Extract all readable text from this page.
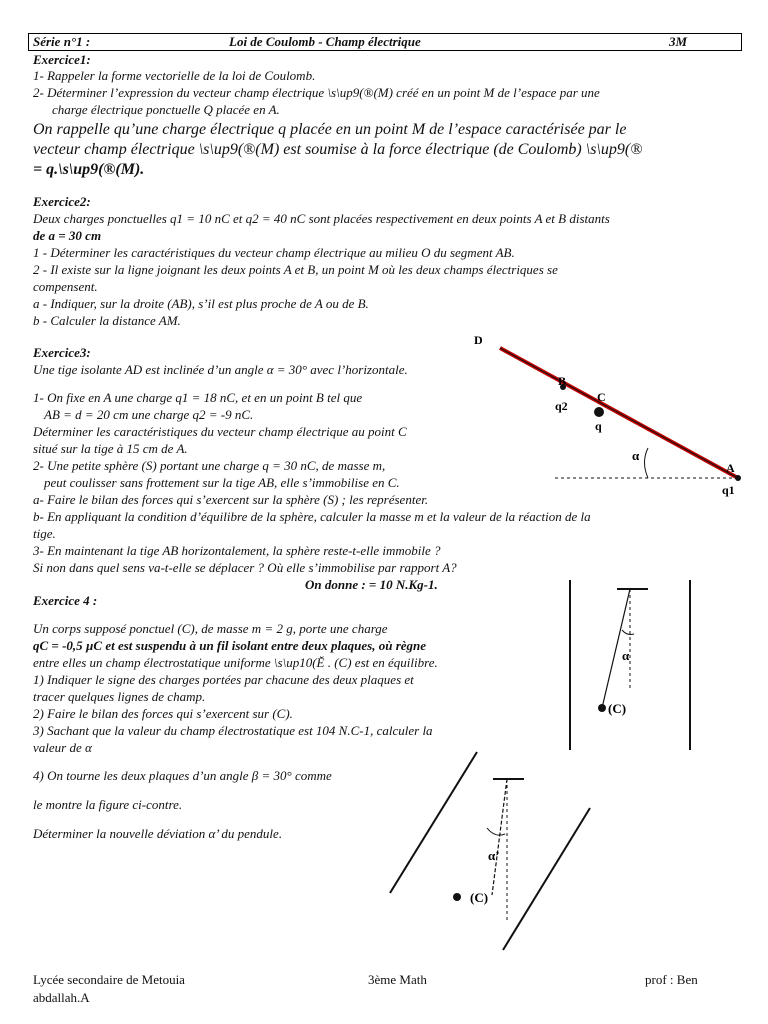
Série n°1 :	Loi de Coulomb - Champ électrique	3M
Exercice1:
1- Rappeler la forme vectorielle de la loi de Coulomb.
2- Déterminer l’expression du vecteur champ électrique \s\up9(®(M) créé en un point M de l’espace par une
charge électrique ponctuelle Q placée en A.
On rappelle qu’une charge électrique q placée en un point M de l’espace caractérisée par le
vecteur champ électrique \s\up9(®(M) est soumise à la force électrique (de Coulomb) \s\up9(®
= q.\s\up9(®(M).
Exercice2:
Deux charges ponctuelles q1 = 10 nC et q2 = 40 nC sont placées respectivement en deux points A et B distants
de a = 30 cm
1 - Déterminer les caractéristiques du vecteur champ électrique au milieu O du segment AB.
2 - Il existe sur la ligne joignant les deux points A et B, un point M où les deux champs électriques se
compensent.
a - Indiquer, sur la droite (AB), s’il est plus proche de A ou de B.
b - Calculer la distance AM.
Exercice3:
Une tige isolante AD est inclinée d’un angle α = 30° avec l’horizontale.
1- On fixe en A une charge q1 = 18 nC, et en un point B tel que
AB = d = 20 cm une charge q2 = -9 nC.
Déterminer les caractéristiques du vecteur champ électrique au point C
situé sur la tige à 15 cm de A.
2- Une petite sphère (S) portant une charge q = 30 nC, de masse m,
peut coulisser sans frottement sur la tige AB, elle s’immobilise en C.
a- Faire le bilan des forces qui s’exercent sur la sphère (S) ; les représenter.
b- En appliquant la condition d’équilibre de la sphère, calculer la masse m et la valeur de la réaction de la
tige.
3- En maintenant la tige AB horizontalement, la sphère reste-t-elle immobile ?
Si non dans quel sens va-t-elle se déplacer ? Où elle s’immobilise par rapport A?
On donne : = 10 N.Kg-1.
D
B
q2
C
q
α
A
q1
Exercice 4 :
Un corps supposé ponctuel (C), de masse m = 2 g, porte une charge
qC = -0,5 µC et est suspendu à un fil isolant entre deux plaques, où règne
entre elles un champ électrostatique uniforme \s\up10(Ĕ . (C) est en équilibre.
1) Indiquer le signe des charges portées par chacune des deux plaques et
tracer quelques lignes de champ.
2) Faire le bilan des forces qui s’exercent sur (C).
3) Sachant que la valeur du champ électrostatique est 104 N.C-1, calculer la
valeur de α
4) On tourne les deux plaques d’un angle β = 30° comme
le montre la figure ci-contre.
Déterminer la nouvelle déviation α’ du pendule.
α
(C)
α’
(C)
Lycée secondaire de Metouia	3ème Math	prof : Ben
abdallah.A
